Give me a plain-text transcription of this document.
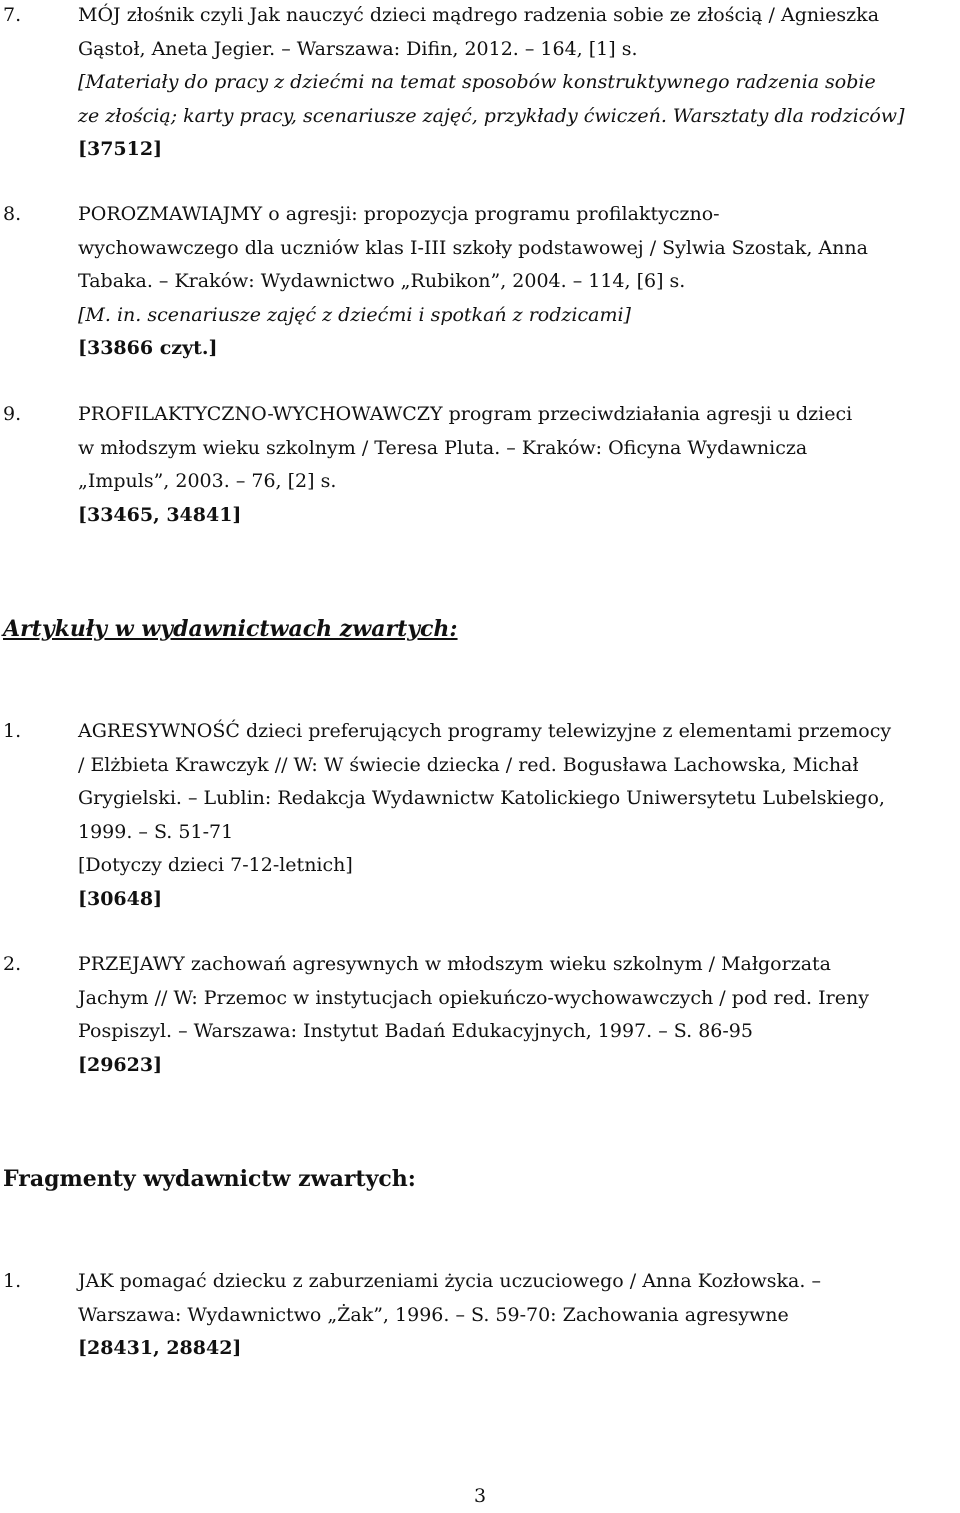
7.	MÓJ złośnik czyli Jak nauczyć dzieci mądrego radzenia sobie ze złością / Agnieszka
Gąstoł, Aneta Jegier. – Warszawa: Difin, 2012. – 164, [1] s.
[Materiały do pracy z dziećmi na temat sposobów konstruktywnego radzenia sobie
ze złością; karty pracy, scenariusze zajęć, przykłady ćwiczeń. Warsztaty dla rodziców]
[37512]
8.	POROZMAWIAJMY o agresji: propozycja programu profilaktyczno-
wychowawczego dla uczniów klas I-III szkoły podstawowej / Sylwia Szostak, Anna
Tabaka. – Kraków: Wydawnictwo „Rubikon”, 2004. – 114, [6] s.
[M. in. scenariusze zajęć z dziećmi i spotkań z rodzicami]
[33866 czyt.]
9.	PROFILAKTYCZNO-WYCHOWAWCZY program przeciwdziałania agresji u dzieci
w młodszym wieku szkolnym / Teresa Pluta. – Kraków: Oficyna Wydawnicza
„Impuls”, 2003. – 76, [2] s.
[33465, 34841]
Artykuły w wydawnictwach zwartych:
1.	AGRESYWNOŚĆ dzieci preferujących programy telewizyjne z elementami przemocy
/ Elżbieta Krawczyk // W: W świecie dziecka / red. Bogusława Lachowska, Michał
Grygielski. – Lublin: Redakcja Wydawnictw Katolickiego Uniwersytetu Lubelskiego,
1999. – S. 51-71
[Dotyczy dzieci 7-12-letnich]
[30648]
2.	PRZEJAWY zachowań agresywnych w młodszym wieku szkolnym / Małgorzata
Jachym // W: Przemoc w instytucjach opiekuńczo-wychowawczych / pod red. Ireny
Pospiszyl. – Warszawa: Instytut Badań Edukacyjnych, 1997. – S. 86-95
[29623]
Fragmenty wydawnictw zwartych:
1.	JAK pomagać dziecku z zaburzeniami życia uczuciowego / Anna Kozłowska. –
Warszawa: Wydawnictwo „Żak”, 1996. – S. 59-70: Zachowania agresywne
[28431, 28842]
3
